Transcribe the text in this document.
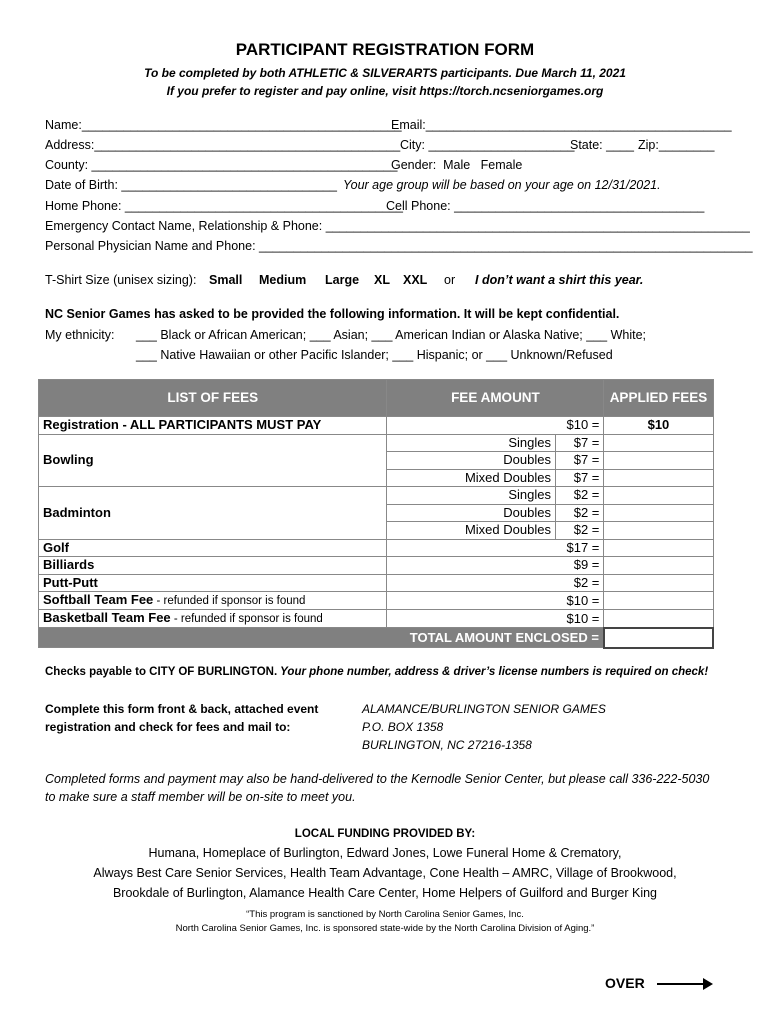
PARTICIPANT REGISTRATION FORM
To be completed by both ATHLETIC & SILVERARTS participants. Due March 11, 2021
If you prefer to register and pay online, visit https://torch.ncseniorgames.org
Name:______________________________________________
Email:____________________________________________
Address:____________________________________________ City: _____________________
State: ____ Zip:________
County: ____________________________________________
Gender:  Male   Female
Date of Birth: _______________________________ Your age group will be based on your age on 12/31/2021.
Home Phone: ________________________________________
Cell Phone: ____________________________________
Emergency Contact Name, Relationship & Phone: _____________________________________________________________
Personal Physician Name and Phone: _______________________________________________________________________
T-Shirt Size (unisex sizing): Small Medium Large XL XXL or I don’t want a shirt this year.
NC Senior Games has asked to be provided the following information. It will be kept confidential.
My ethnicity: ___ Black or African American; ___ Asian; ___ American Indian or Alaska Native; ___ White;
___ Native Hawaiian or other Pacific Islander; ___ Hispanic; or ___ Unknown/Refused
LIST OF FEES	FEE AMOUNT		APPLIED FEES
Registration - ALL PARTICIPANTS MUST PAY	$10 =		$10
Bowling	Singles	$7 =	
	Doubles	$7 =	
	Mixed Doubles	$7 =	
Badminton	Singles	$2 =	
	Doubles	$2 =	
	Mixed Doubles	$2 =	
Golf	$17 =		
Billiards	$9 =		
Putt-Putt	$2 =		
Softball Team Fee - refunded if sponsor is found	$10 =		
Basketball Team Fee - refunded if sponsor is found	$10 =		
TOTAL AMOUNT ENCLOSED =			
Checks payable to CITY OF BURLINGTON. Your phone number, address & driver’s license numbers is required on check!
Complete this form front & back, attached event
registration and check for fees and mail to:
ALAMANCE/BURLINGTON SENIOR GAMES
P.O. BOX 1358
BURLINGTON, NC 27216-1358
Completed forms and payment may also be hand-delivered to the Kernodle Senior Center, but please call 336-222-5030
to make sure a staff member will be on-site to meet you.
LOCAL FUNDING PROVIDED BY:
Humana, Homeplace of Burlington, Edward Jones, Lowe Funeral Home & Crematory,
Always Best Care Senior Services, Health Team Advantage, Cone Health – AMRC, Village of Brookwood,
Brookdale of Burlington, Alamance Health Care Center, Home Helpers of Guilford and Burger King
“This program is sanctioned by North Carolina Senior Games, Inc.
North Carolina Senior Games, Inc. is sponsored state-wide by the North Carolina Division of Aging.”
OVER
